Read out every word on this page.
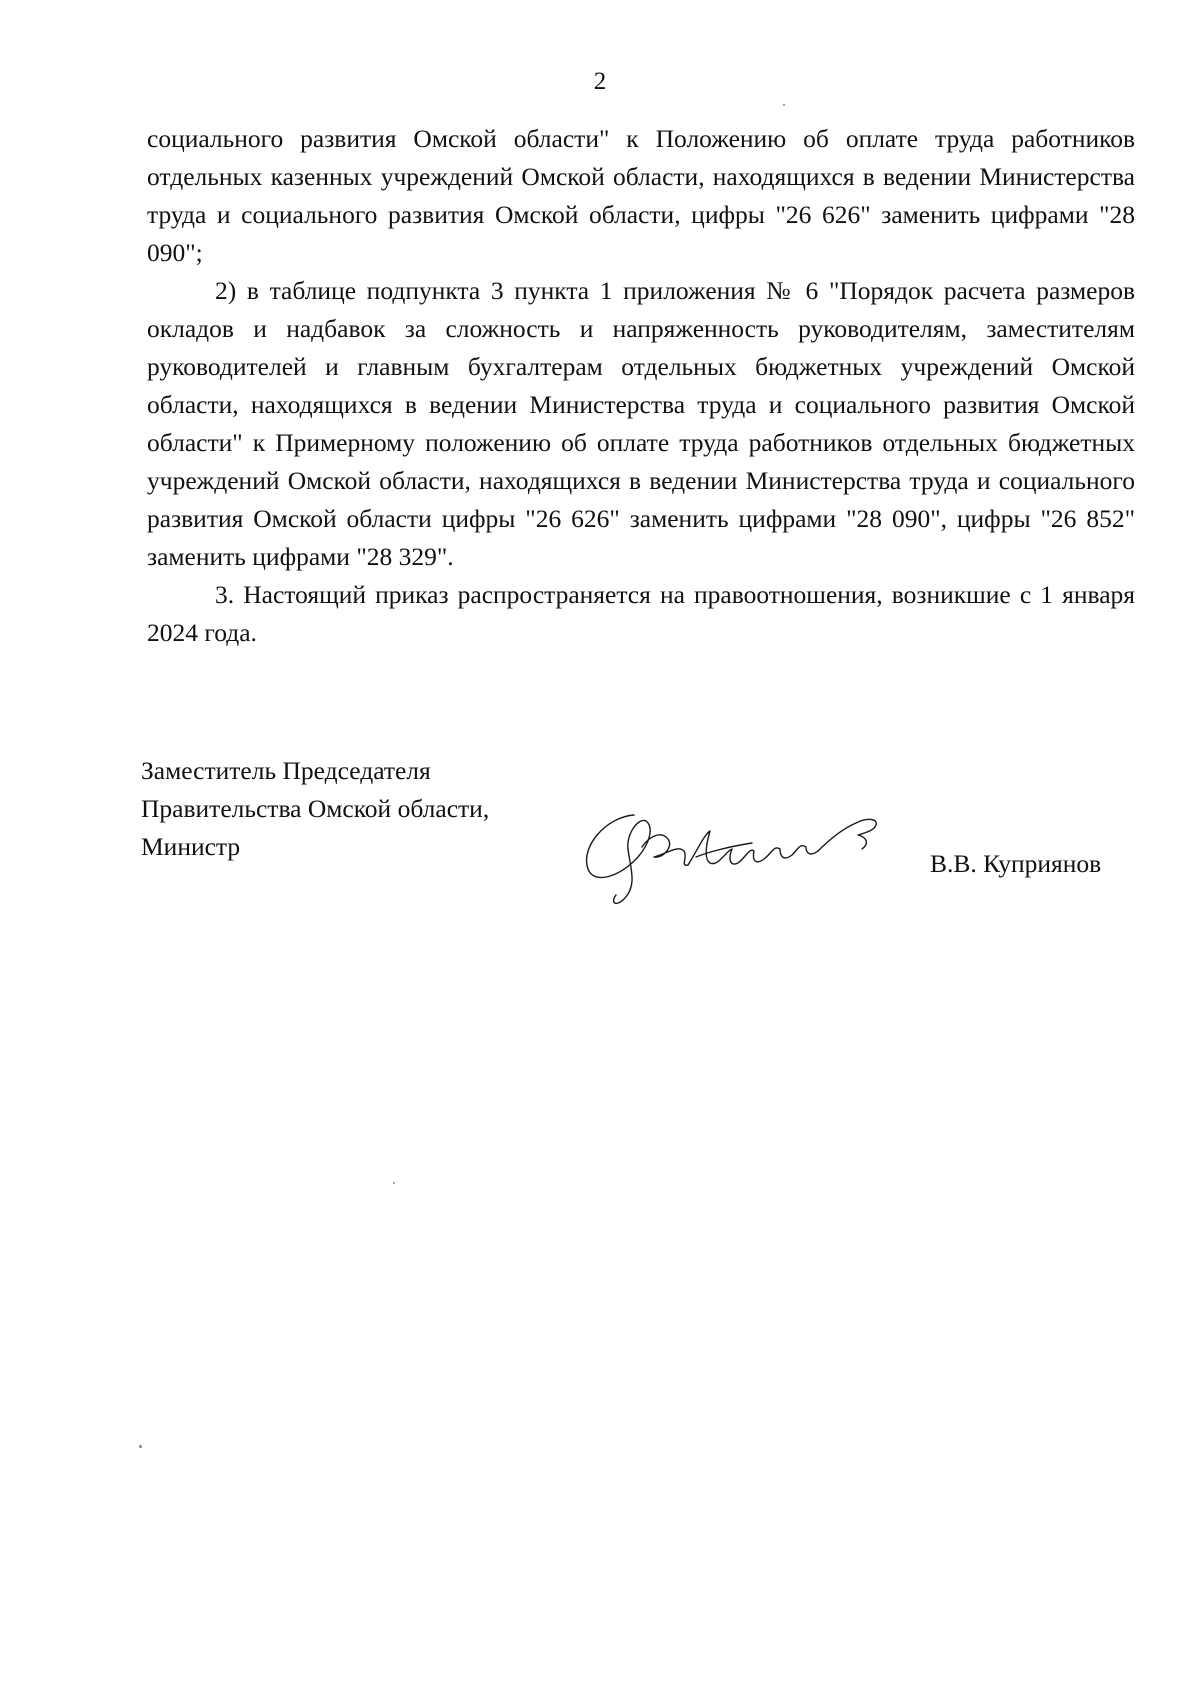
2

социального развития Омской области" к Положению об оплате труда работников отдельных казенных учреждений Омской области, находящихся в ведении Министерства труда и социального развития Омской области, цифры "26 626" заменить цифрами "28 090";

2) в таблице подпункта 3 пункта 1 приложения № 6 "Порядок расчета размеров окладов и надбавок за сложность и напряженность руководителям, заместителям руководителей и главным бухгалтерам отдельных бюджетных учреждений Омской области, находящихся в ведении Министерства труда и социального развития Омской области" к Примерному положению об оплате труда работников отдельных бюджетных учреждений Омской области, находящихся в ведении Министерства труда и социального развития Омской области цифры "26 626" заменить цифрами "28 090", цифры "26 852" заменить цифрами "28 329".

3. Настоящий приказ распространяется на правоотношения, возникшие с 1 января 2024 года.

Заместитель Председателя
Правительства Омской области,
Министр
В.В. Куприянов
